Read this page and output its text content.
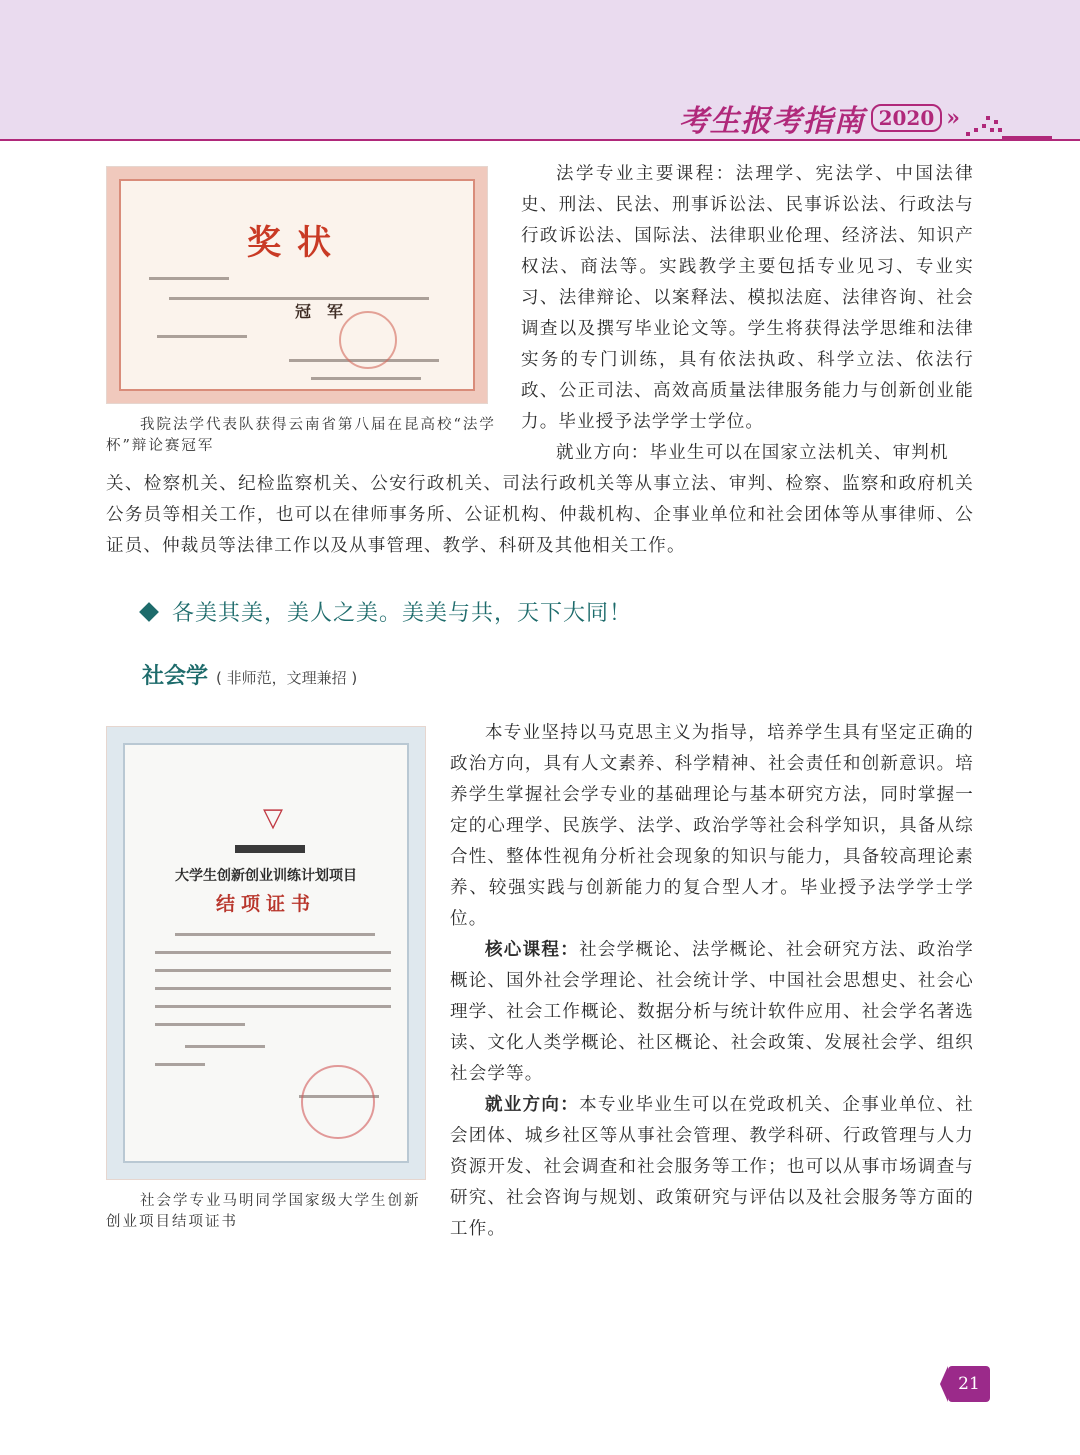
考生报考指南 2020 »
奖状
冠　军
我院法学代表队获得云南省第八届在昆高校“法学杯”辩论赛冠军

法学专业主要课程：法理学、宪法学、中国法律史、刑法、民法、刑事诉讼法、民事诉讼法、行政法与行政诉讼法、国际法、法律职业伦理、经济法、知识产权法、商法等。实践教学主要包括专业见习、专业实习、法律辩论、以案释法、模拟法庭、法律咨询、社会调查以及撰写毕业论文等。学生将获得法学思维和法律实务的专门训练，具有依法执政、科学立法、依法行政、公正司法、高效高质量法律服务能力与创新创业能力。毕业授予法学学士学位。

就业方向：毕业生可以在国家立法机关、审判机
关、检察机关、纪检监察机关、公安行政机关、司法行政机关等从事立法、审判、检察、监察和政府机关公务员等相关工作，也可以在律师事务所、公证机构、仲裁机构、企事业单位和社会团体等从事律师、公证员、仲裁员等法律工作以及从事管理、教学、科研及其他相关工作。
各美其美，美人之美。美美与共，天下大同！
社会学 ( 非师范，文理兼招 )
▽
大学生创新创业训练计划项目
结项证书
社会学专业马明同学国家级大学生创新创业项目结项证书

本专业坚持以马克思主义为指导，培养学生具有坚定正确的政治方向，具有人文素养、科学精神、社会责任和创新意识。培养学生掌握社会学专业的基础理论与基本研究方法，同时掌握一定的心理学、民族学、法学、政治学等社会科学知识，具备从综合性、整体性视角分析社会现象的知识与能力，具备较高理论素养、较强实践与创新能力的复合型人才。毕业授予法学学士学位。

核心课程：社会学概论、法学概论、社会研究方法、政治学概论、国外社会学理论、社会统计学、中国社会思想史、社会心理学、社会工作概论、数据分析与统计软件应用、社会学名著选读、文化人类学概论、社区概论、社会政策、发展社会学、组织社会学等。

就业方向：本专业毕业生可以在党政机关、企事业单位、社会团体、城乡社区等从事社会管理、教学科研、行政管理与人力资源开发、社会调查和社会服务等工作；也可以从事市场调查与研究、社会咨询与规划、政策研究与评估以及社会服务等方面的工作。

21
